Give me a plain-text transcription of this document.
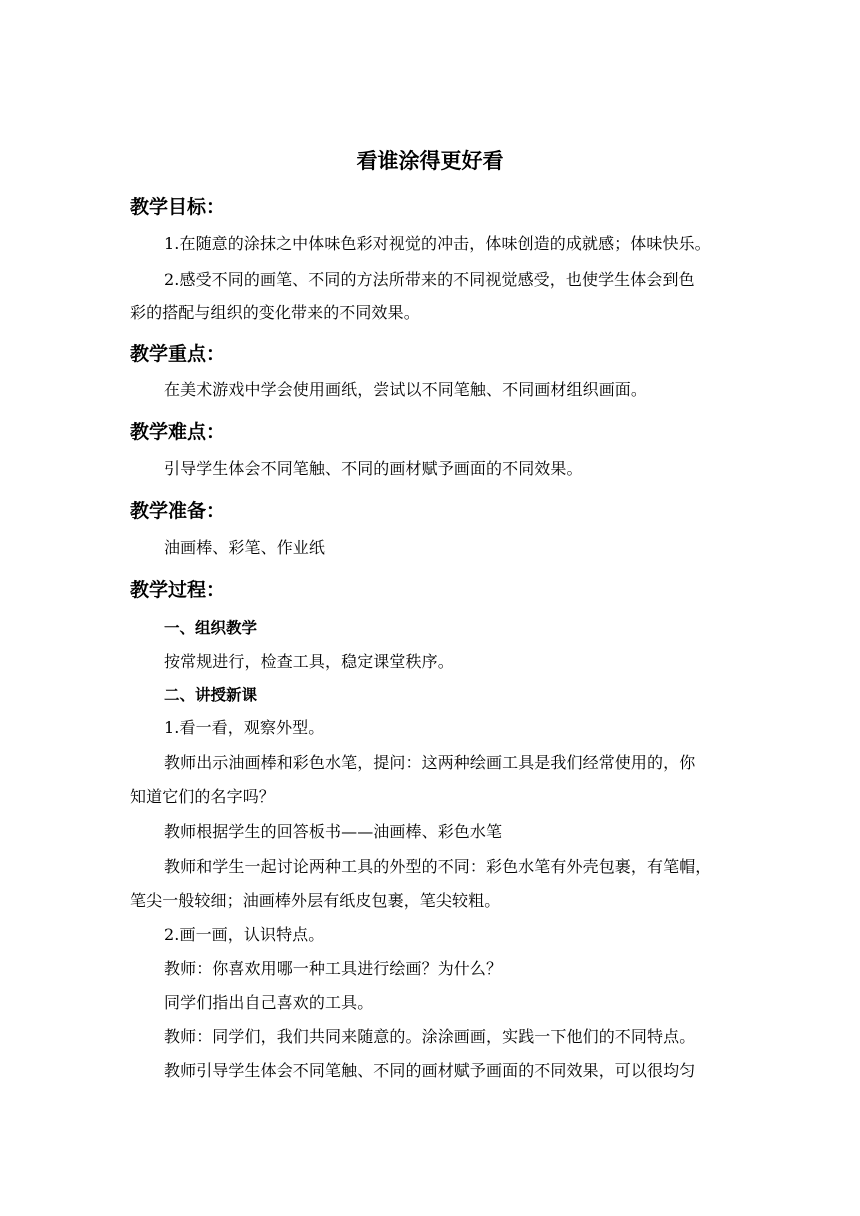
看谁涂得更好看
教学目标：
1.在随意的涂抹之中体味色彩对视觉的冲击，体味创造的成就感；体味快乐。
2.感受不同的画笔、不同的方法所带来的不同视觉感受，也使学生体会到色
彩的搭配与组织的变化带来的不同效果。
教学重点：
在美术游戏中学会使用画纸，尝试以不同笔触、不同画材组织画面。
教学难点：
引导学生体会不同笔触、不同的画材赋予画面的不同效果。
教学准备：
油画棒、彩笔、作业纸
教学过程：
一、组织教学
按常规进行，检查工具，稳定课堂秩序。
二、讲授新课
1.看一看，观察外型。
教师出示油画棒和彩色水笔，提问：这两种绘画工具是我们经常使用的，你
知道它们的名字吗？
教师根据学生的回答板书——油画棒、彩色水笔
教师和学生一起讨论两种工具的外型的不同：彩色水笔有外壳包裹，有笔帽，
笔尖一般较细；油画棒外层有纸皮包裹，笔尖较粗。
2.画一画，认识特点。
教师：你喜欢用哪一种工具进行绘画？为什么？
同学们指出自己喜欢的工具。
教师：同学们，我们共同来随意的。涂涂画画，实践一下他们的不同特点。
教师引导学生体会不同笔触、不同的画材赋予画面的不同效果，可以很均匀
